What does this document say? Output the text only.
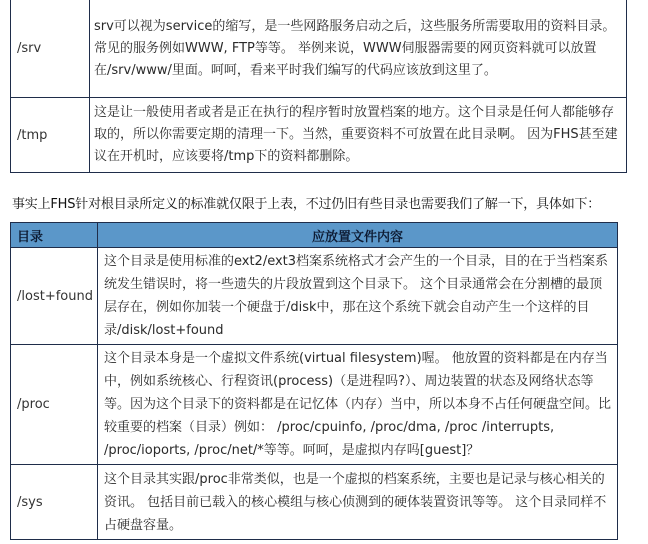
/srv	srv可以视为service的缩写，是一些网路服务启动之后，这些服务所需要取用的资料目录。 常见的服务例如WWW, FTP等等。 举例来说，WWW伺服器需要的网页资料就可以放置在/srv/www/里面。呵呵，看来平时我们编写的代码应该放到这里了。
/tmp	这是让一般使用者或者是正在执行的程序暂时放置档案的地方。这个目录是任何人都能够存取的，所以你需要定期的清理一下。当然，重要资料不可放置在此目录啊。 因为FHS甚至建议在开机时，应该要将/tmp下的资料都删除。
事实上FHS针对根目录所定义的标准就仅限于上表，不过仍旧有些目录也需要我们了解一下，具体如下：
目录	应放置文件内容
/lost+found	这个目录是使用标准的ext2/ext3档案系统格式才会产生的一个目录，目的在于当档案系统发生错误时，将一些遗失的片段放置到这个目录下。 这个目录通常会在分割槽的最顶层存在，例如你加装一个硬盘于/disk中，那在这个系统下就会自动产生一个这样的目录/disk/lost+found
/proc	这个目录本身是一个虚拟文件系统(virtual filesystem)喔。 他放置的资料都是在内存当中，例如系统核心、行程资讯(process)（是进程吗?）、周边装置的状态及网络状态等等。因为这个目录下的资料都是在记忆体（内存）当中，所以本身不占任何硬盘空间。比较重要的档案（目录）例如： /proc/cpuinfo, /proc/dma, /proc /interrupts, /proc/ioports, /proc/net/*等等。呵呵，是虚拟内存吗[guest]？
/sys	这个目录其实跟/proc非常类似，也是一个虚拟的档案系统，主要也是记录与核心相关的资讯。 包括目前已载入的核心模组与核心侦测到的硬体装置资讯等等。 这个目录同样不占硬盘容量。
